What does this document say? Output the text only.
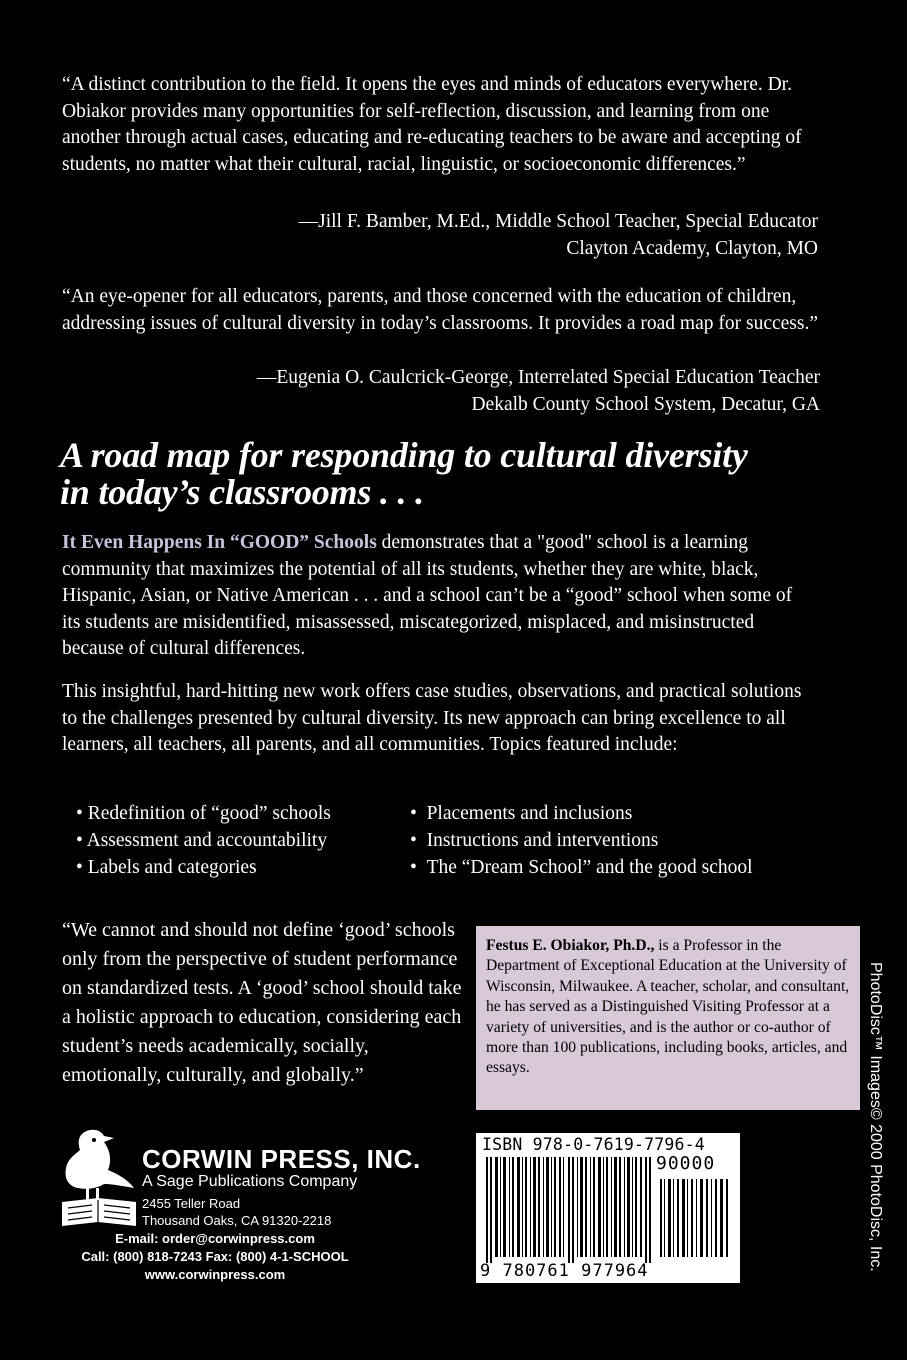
“A distinct contribution to the field. It opens the eyes and minds of educators everywhere. Dr. Obiakor provides many opportunities for self-reflection, discussion, and learning from one another through actual cases, educating and re-educating teachers to be aware and accepting of students, no matter what their cultural, racial, linguistic, or socioeconomic differences.”
—Jill F. Bamber, M.Ed., Middle School Teacher, Special Educator
Clayton Academy, Clayton, MO
“An eye-opener for all educators, parents, and those concerned with the education of children, addressing issues of cultural diversity in today’s classrooms. It provides a road map for success.”
—Eugenia O. Caulcrick-George, Interrelated Special Education Teacher
Dekalb County School System, Decatur, GA
A road map for responding to cultural diversity
in today’s classrooms . . .
It Even Happens In “GOOD” Schools demonstrates that a "good" school is a learning community that maximizes the potential of all its students, whether they are white, black, Hispanic, Asian, or Native American . . . and a school can’t be a “good” school when some of its students are misidentified, misassessed, miscategorized, misplaced, and misinstructed because of cultural differences.
This insightful, hard-hitting new work offers case studies, observations, and practical solutions to the challenges presented by cultural diversity. Its new approach can bring excellence to all learners, all teachers, all parents, and all communities. Topics featured include:
• Redefinition of “good” schools
• Assessment and accountability
• Labels and categories
•  Placements and inclusions
•  Instructions and interventions
•  The “Dream School” and the good school
“We cannot and should not define ‘good’ schools only from the perspective of student performance on standardized tests. A ‘good’ school should take a holistic approach to education, considering each student’s needs academically, socially, emotionally, culturally, and globally.”
Festus E. Obiakor, Ph.D., is a Professor in the Department of Exceptional Education at the University of Wisconsin, Milwaukee. A teacher, scholar, and consultant, he has served as a Distinguished Visiting Professor at a variety of universities, and is the author or co-author of more than 100 publications, including books, articles, and essays.	PhotoDisc™ Images© 2000 PhotoDisc, Inc.
ISBN 978-0-7619-7796-4
90000
9 780761 977964
CORWIN PRESS, INC.
A Sage Publications Company
2455 Teller Road
Thousand Oaks, CA 91320-2218
E-mail: order@corwinpress.com
Call: (800) 818-7243 Fax: (800) 4-1-SCHOOL
www.corwinpress.com
